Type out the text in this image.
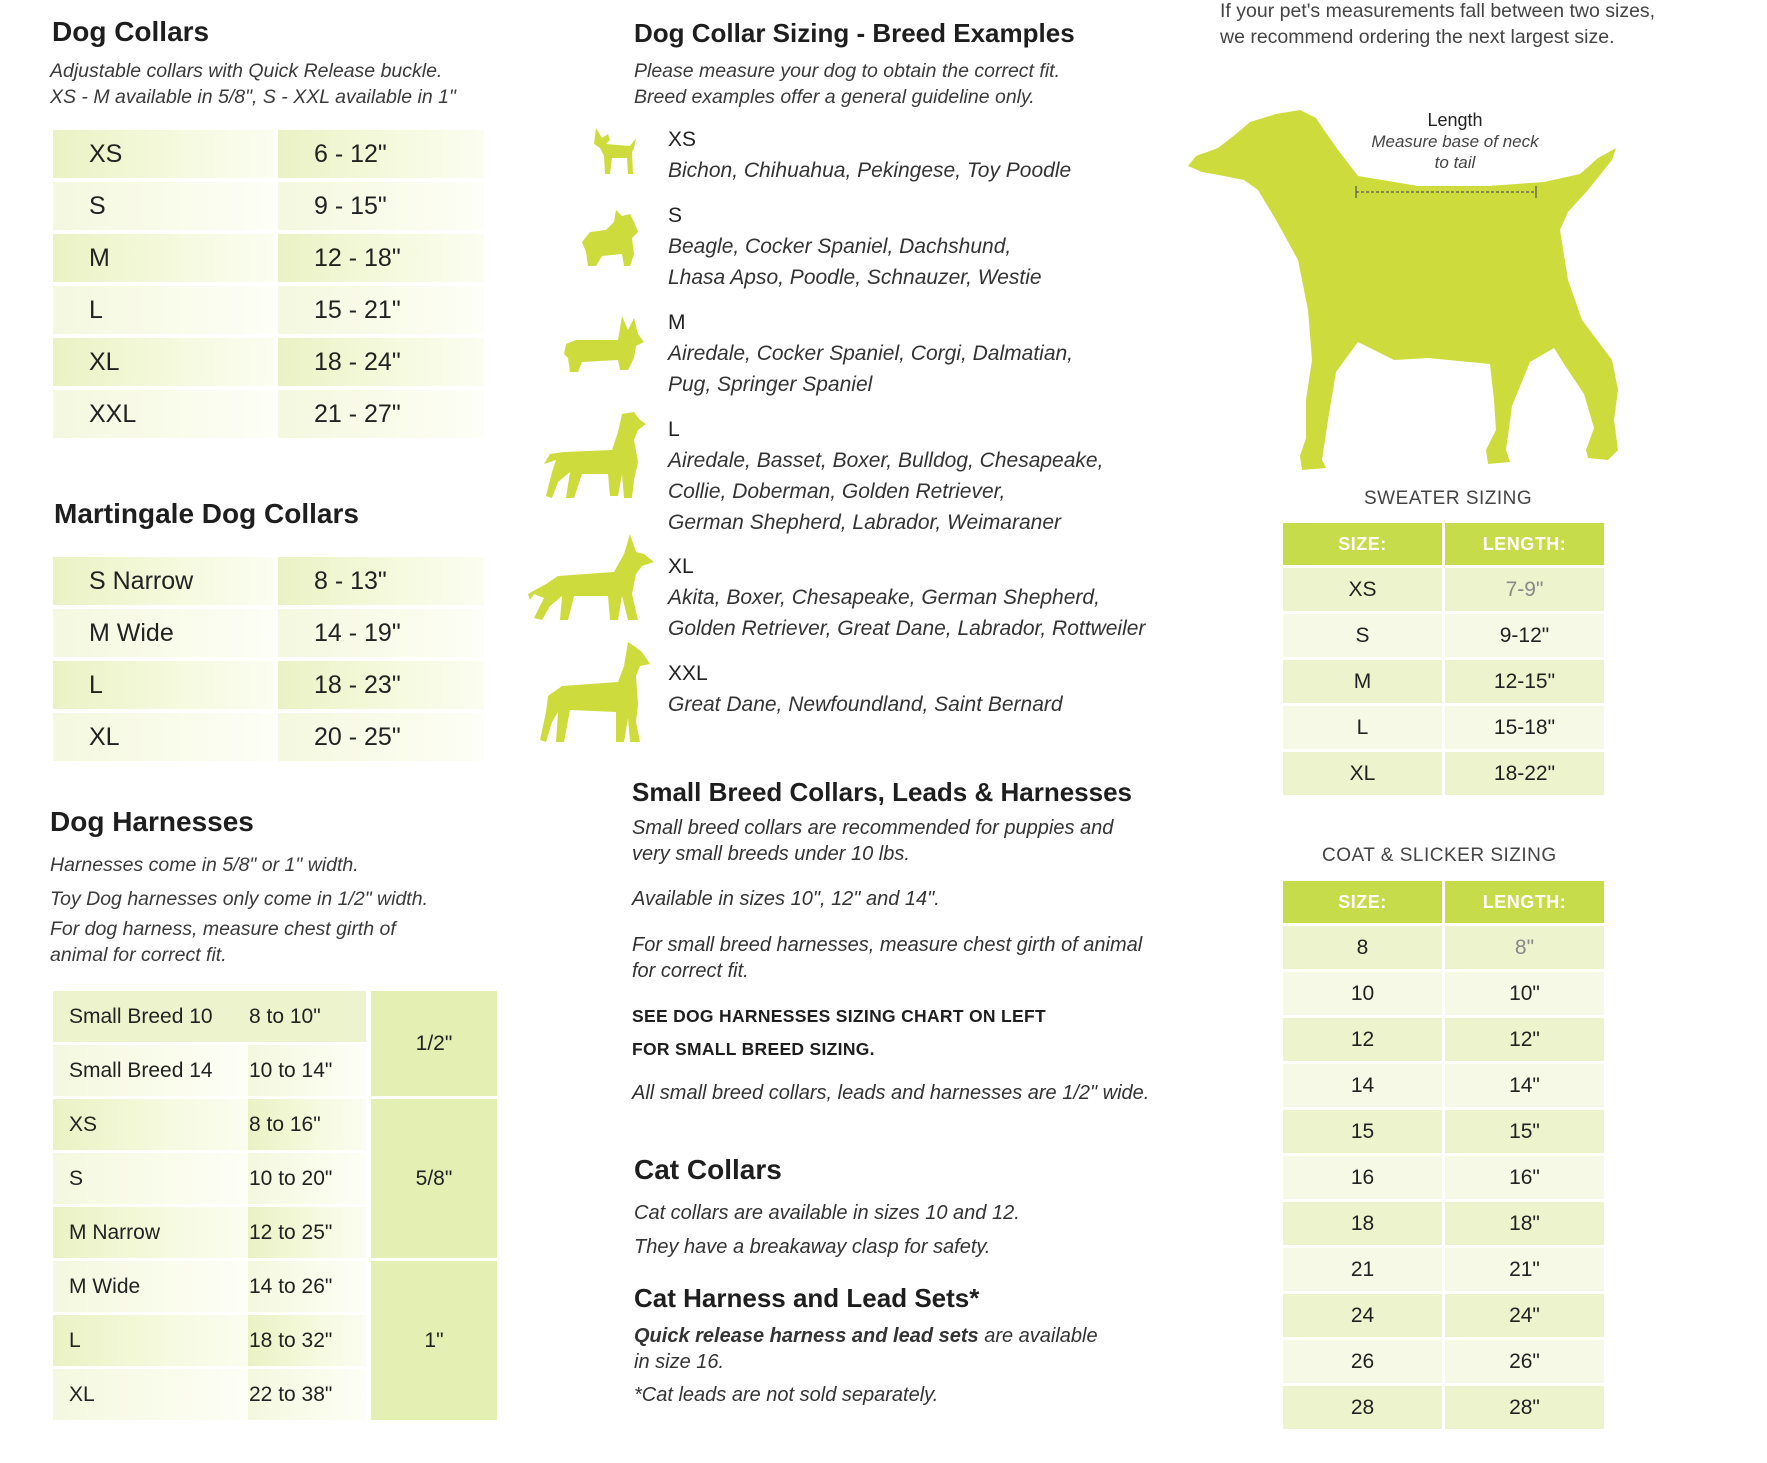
Dog Collars

Adjustable collars with Quick Release buckle.

XS - M available in 5/8", S - XXL available in 1"

XS	6 - 12"
S	9 - 15"
M	12 - 18"
L	15 - 21"
XL	18 - 24"
XXL	21 - 27"
Martingale Dog Collars
S Narrow	8 - 13"
M Wide	14 - 19"
L	18 - 23"
XL	20 - 25"
Dog Harnesses

Harnesses come in 5/8" or 1" width.

Toy Dog harnesses only come in 1/2" width.

For dog harness, measure chest girth of

animal for correct fit.

Small Breed 10	8 to 10"	1/2"
Small Breed 14	10 to 14"	
XS	8 to 16"	5/8"
S	10 to 20"	
M Narrow	12 to 25"	
M Wide	14 to 26"	1"
L	18 to 32"	
XL	22 to 38"	
Dog Collar Sizing - Breed Examples

Please measure your dog to obtain the correct fit.

Breed examples offer a general guideline only.

XS
Bichon, Chihuahua, Pekingese, Toy Poodle
S
Beagle, Cocker Spaniel, Dachshund,
Lhasa Apso, Poodle, Schnauzer, Westie
M
Airedale, Cocker Spaniel, Corgi, Dalmatian,
Pug, Springer Spaniel
L
Airedale, Basset, Boxer, Bulldog, Chesapeake,
Collie, Doberman, Golden Retriever,
German Shepherd, Labrador, Weimaraner
XL
Akita, Boxer, Chesapeake, German Shepherd,
Golden Retriever, Great Dane, Labrador, Rottweiler
XXL
Great Dane, Newfoundland, Saint Bernard
Small Breed Collars, Leads & Harnesses
Small breed collars are recommended for puppies and
very small breeds under 10 lbs.
Available in sizes 10", 12" and 14".
For small breed harnesses, measure chest girth of animal
for correct fit.
SEE DOG HARNESSES SIZING CHART ON LEFT
FOR SMALL BREED SIZING.
All small breed collars, leads and harnesses are 1/2" wide.
Cat Collars
Cat collars are available in sizes 10 and 12.
They have a breakaway clasp for safety.
Cat Harness and Lead Sets*
Quick release harness and lead sets are available
in size 16.
*Cat leads are not sold separately.
If your pet's measurements fall between two sizes,
we recommend ordering the next largest size.
Length
Measure base of neck
to tail
SWEATER SIZING
SIZE:	LENGTH:
XS	7-9"
S	9-12"
M	12-15"
L	15-18"
XL	18-22"
COAT & SLICKER SIZING
SIZE:	LENGTH:
8	8"
10	10"
12	12"
14	14"
15	15"
16	16"
18	18"
21	21"
24	24"
26	26"
28	28"
